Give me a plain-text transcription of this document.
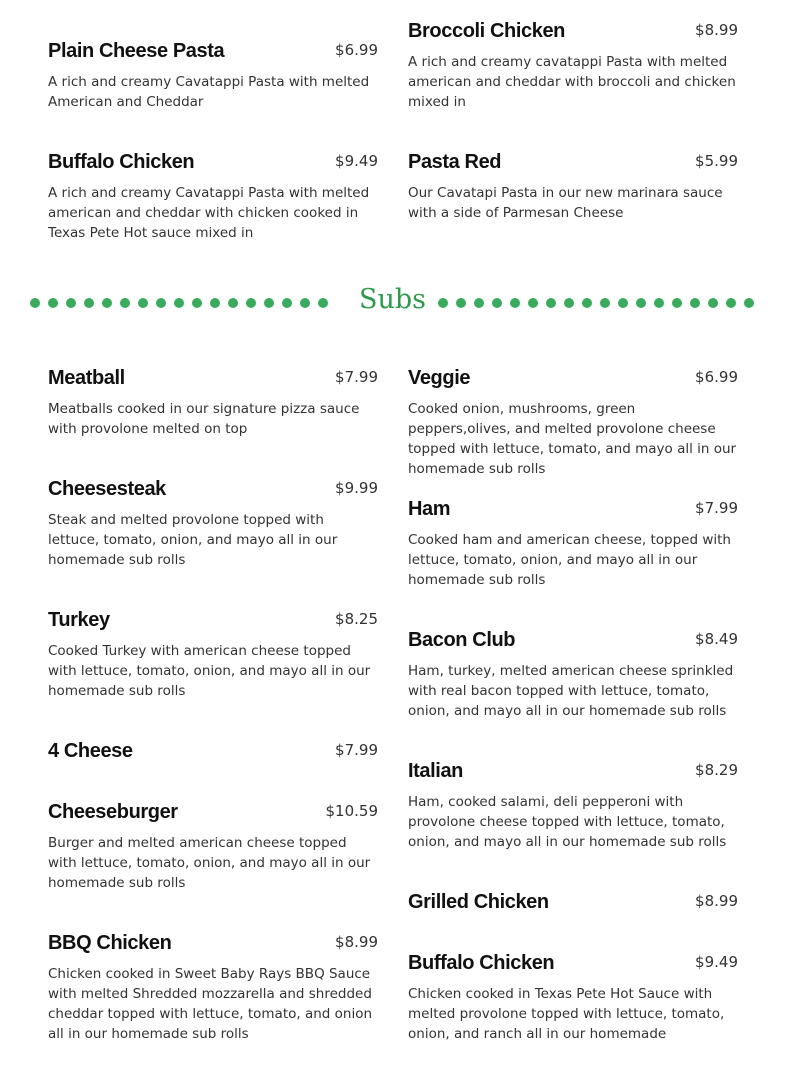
Plain Cheese Pasta	$6.99
A rich and creamy Cavatappi Pasta with melted American and Cheddar
Buffalo Chicken	$9.49
A rich and creamy Cavatappi Pasta with melted american and cheddar with chicken cooked in Texas Pete Hot sauce mixed in
Broccoli Chicken	$8.99
A rich and creamy cavatappi Pasta with melted american and cheddar with broccoli and chicken mixed in
Pasta Red	$5.99
Our Cavatapi Pasta in our new marinara sauce with a side of Parmesan Cheese
Subs
Meatball	$7.99
Meatballs cooked in our signature pizza sauce with provolone melted on top
Cheesesteak	$9.99
Steak and melted provolone topped with lettuce, tomato, onion, and mayo all in our homemade sub rolls
Turkey	$8.25
Cooked Turkey with american cheese topped with lettuce, tomato, onion, and mayo all in our homemade sub rolls
4 Cheese	$7.99
Cheeseburger	$10.59
Burger and melted american cheese topped with lettuce, tomato, onion, and mayo all in our homemade sub rolls
BBQ Chicken	$8.99
Chicken cooked in Sweet Baby Rays BBQ Sauce with melted Shredded mozzarella and shredded cheddar topped with lettuce, tomato, and onion all in our homemade sub rolls
Veggie	$6.99
Cooked onion, mushrooms, green peppers,olives, and melted provolone cheese topped with lettuce, tomato, and mayo all in our homemade sub rolls
Ham	$7.99
Cooked ham and american cheese, topped with lettuce, tomato, onion, and mayo all in our homemade sub rolls
Bacon Club	$8.49
Ham, turkey, melted american cheese sprinkled with real bacon topped with lettuce, tomato, onion, and mayo all in our homemade sub rolls
Italian	$8.29
Ham, cooked salami, deli pepperoni with provolone cheese topped with lettuce, tomato, onion, and mayo all in our homemade sub rolls
Grilled Chicken	$8.99
Buffalo Chicken	$9.49
Chicken cooked in Texas Pete Hot Sauce with melted provolone topped with lettuce, tomato, onion, and ranch all in our homemade
